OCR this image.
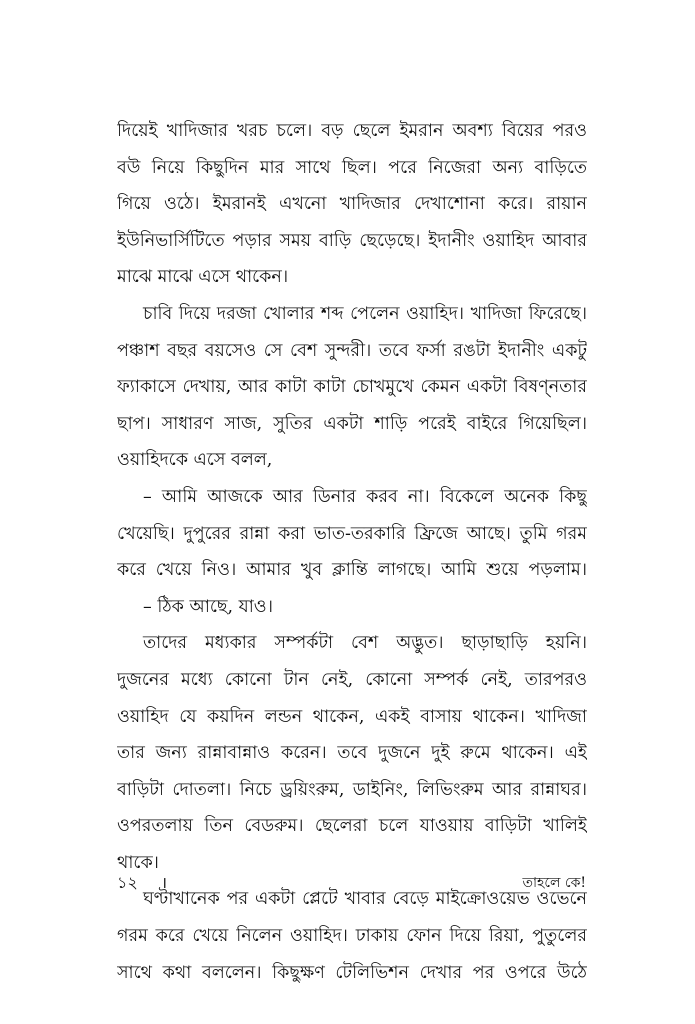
দিয়েই খাদিজার খরচ চলে। বড় ছেলে ইমরান অবশ্য বিয়ের পরও
বউ নিয়ে কিছুদিন মার সাথে ছিল। পরে নিজেরা অন্য বাড়িতে
গিয়ে ওঠে। ইমরানই এখনো খাদিজার দেখাশোনা করে। রায়ান
ইউনিভার্সিটিতে পড়ার সময় বাড়ি ছেড়েছে। ইদানীং ওয়াহিদ আবার
মাঝে মাঝে এসে থাকেন।
চাবি দিয়ে দরজা খোলার শব্দ পেলেন ওয়াহিদ। খাদিজা ফিরেছে।
পঞ্চাশ বছর বয়সেও সে বেশ সুন্দরী। তবে ফর্সা রঙটা ইদানীং একটু
ফ্যাকাসে দেখায়, আর কাটা কাটা চোখমুখে কেমন একটা বিষণ্নতার
ছাপ। সাধারণ সাজ, সুতির একটা শাড়ি পরেই বাইরে গিয়েছিল।
ওয়াহিদকে এসে বলল,
– আমি আজকে আর ডিনার করব না। বিকেলে অনেক কিছু
খেয়েছি। দুপুরের রান্না করা ভাত-তরকারি ফ্রিজে আছে। তুমি গরম
করে খেয়ে নিও। আমার খুব ক্লান্তি লাগছে। আমি শুয়ে পড়লাম।
– ঠিক আছে, যাও।
তাদের মধ্যকার সম্পর্কটা বেশ অদ্ভুত। ছাড়াছাড়ি হয়নি।
দুজনের মধ্যে কোনো টান নেই, কোনো সম্পর্ক নেই, তারপরও
ওয়াহিদ যে কয়দিন লন্ডন থাকেন, একই বাসায় থাকেন। খাদিজা
তার জন্য রান্নাবান্নাও করেন। তবে দুজনে দুই রুমে থাকেন। এই
বাড়িটা দোতলা। নিচে ড্রয়িংরুম, ডাইনিং, লিভিংরুম আর রান্নাঘর।
ওপরতলায় তিন বেডরুম। ছেলেরা চলে যাওয়ায় বাড়িটা খালিই
থাকে।
ঘণ্টাখানেক পর একটা প্লেটে খাবার বেড়ে মাইক্রোওয়েভ ওভেনে
গরম করে খেয়ে নিলেন ওয়াহিদ। ঢাকায় ফোন দিয়ে রিয়া, পুতুলের
সাথে কথা বললেন। কিছুক্ষণ টেলিভিশন দেখার পর ওপরে উঠে
১২ ।	তাহলে কে!
